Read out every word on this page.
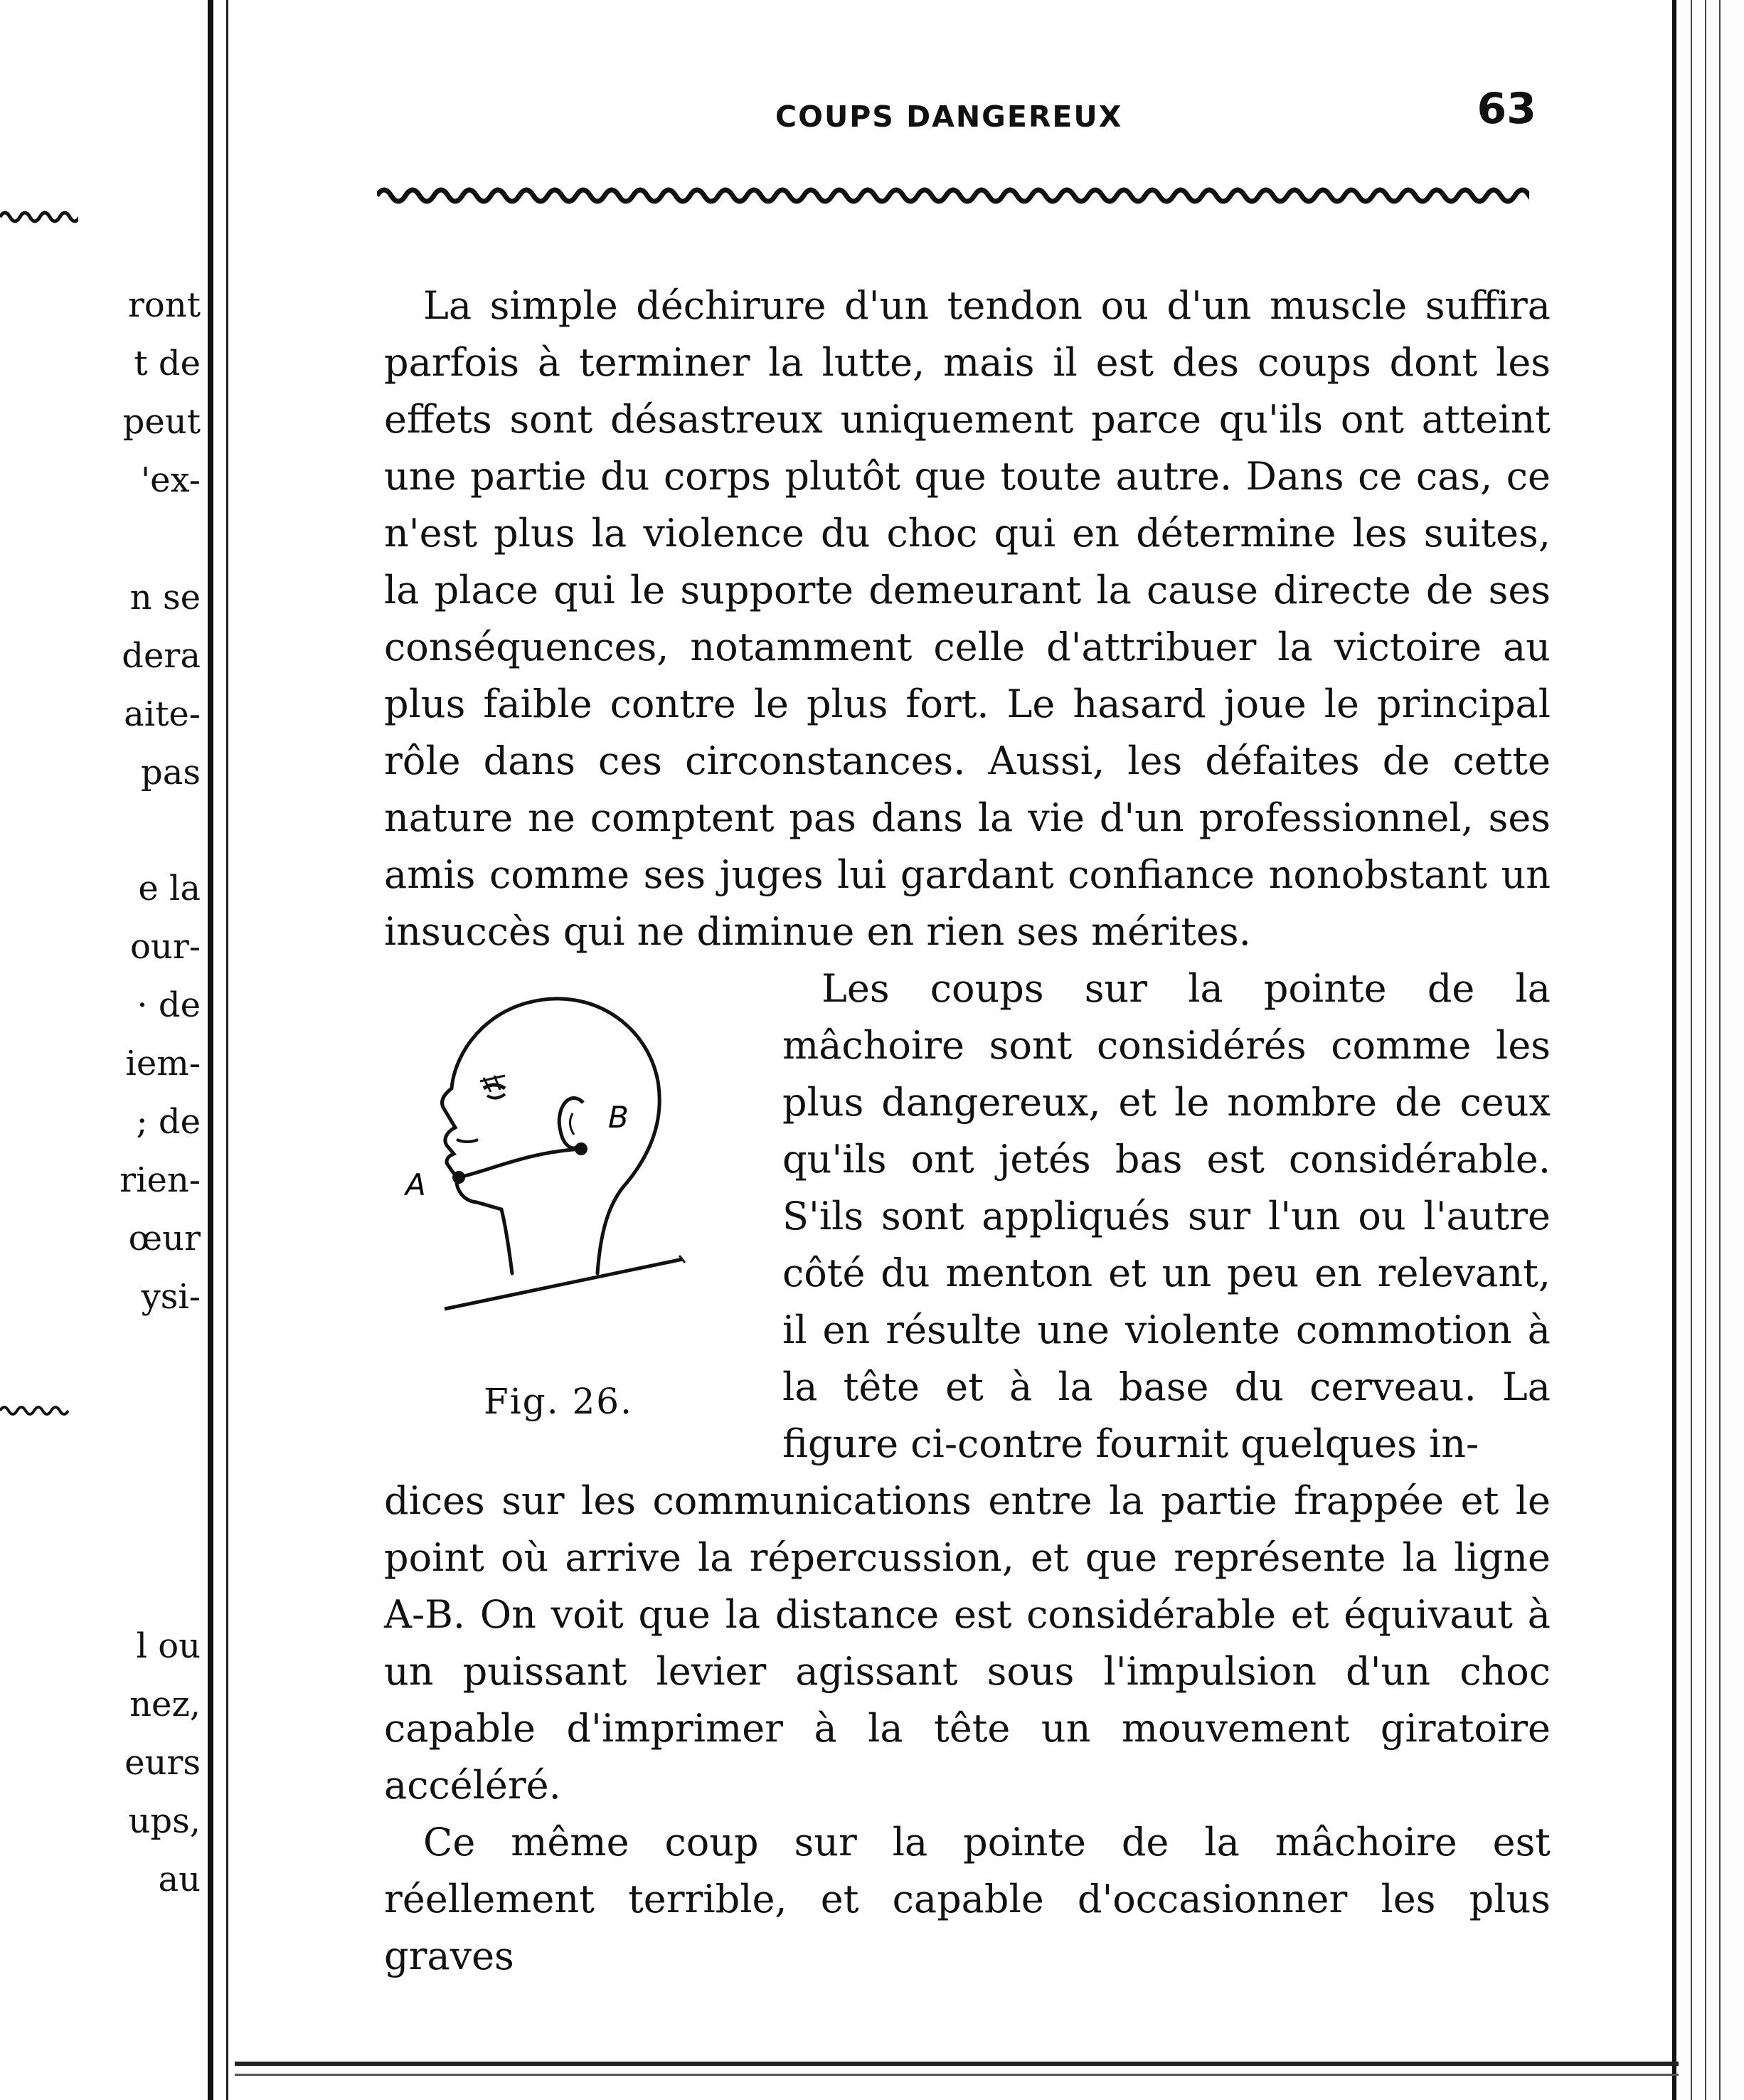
ront
t de
peut
'ex-
n se
dera
aite-
pas
e la
our-
· de
iem-
; de
rien-
œur
ysi-
l ou
nez,
eurs
ups,
au
COUPS DANGEREUX	63

La simple déchirure d'un tendon ou d'un muscle suffira parfois à terminer la lutte, mais il est des coups dont les effets sont désastreux uniquement parce qu'ils ont atteint une partie du corps plutôt que toute autre. Dans ce cas, ce n'est plus la violence du choc qui en détermine les suites, la place qui le supporte demeurant la cause directe de ses conséquences, notamment celle d'attribuer la victoire au plus faible contre le plus fort. Le hasard joue le principal rôle dans ces circonstances. Aussi, les défaites de cette nature ne comptent pas dans la vie d'un professionnel, ses amis comme ses juges lui gardant confiance nonobstant un insuccès qui ne diminue en rien ses mérites.

A
B
Fig. 26.

Les coups sur la pointe de la mâchoire sont considérés comme les plus dangereux, et le nombre de ceux qu'ils ont jetés bas est considérable. S'ils sont appliqués sur l'un ou l'autre côté du menton et un peu en relevant, il en résulte une violente commotion à la tête et à la base du cerveau. La figure ci-contre fournit quelques in-

dices sur les communications entre la partie frappée et le point où arrive la répercussion, et que représente la ligne A-B. On voit que la distance est considérable et équivaut à un puissant levier agissant sous l'impulsion d'un choc capable d'imprimer à la tête un mouvement giratoire accéléré.

Ce même coup sur la pointe de la mâchoire est réellement terrible, et capable d'occasionner les plus graves
